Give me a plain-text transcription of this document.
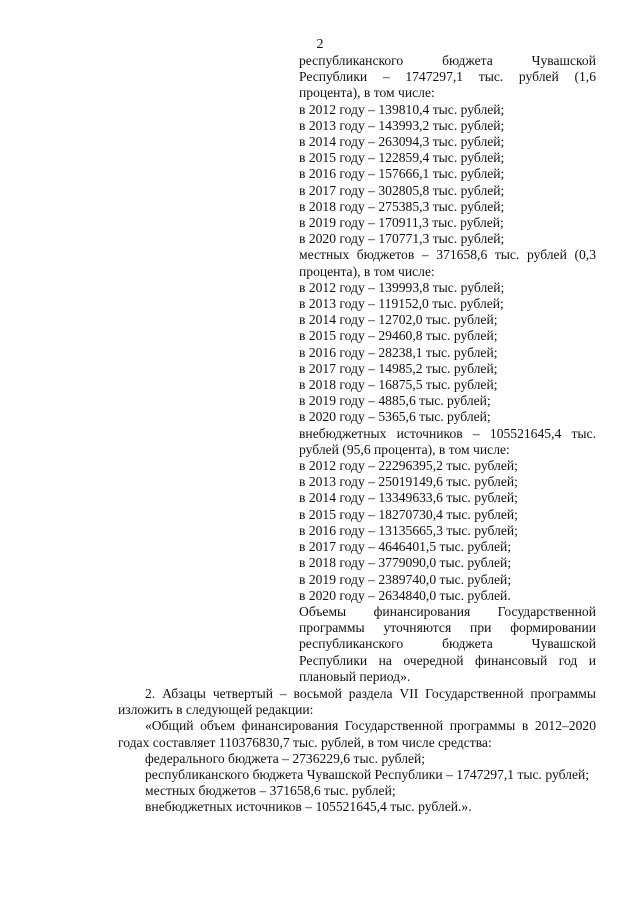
2
республиканского бюджета Чувашской Республики – 1747297,1 тыс. рублей (1,6 процента), в том числе:
в 2012 году – 139810,4 тыс. рублей;
в 2013 году – 143993,2 тыс. рублей;
в 2014 году – 263094,3 тыс. рублей;
в 2015 году – 122859,4 тыс. рублей;
в 2016 году – 157666,1 тыс. рублей;
в 2017 году – 302805,8 тыс. рублей;
в 2018 году – 275385,3 тыс. рублей;
в 2019 году – 170911,3 тыс. рублей;
в 2020 году – 170771,3 тыс. рублей;
местных бюджетов – 371658,6 тыс. рублей (0,3 процента), в том числе:
в 2012 году – 139993,8 тыс. рублей;
в 2013 году – 119152,0 тыс. рублей;
в 2014 году – 12702,0 тыс. рублей;
в 2015 году – 29460,8 тыс. рублей;
в 2016 году – 28238,1 тыс. рублей;
в 2017 году – 14985,2 тыс. рублей;
в 2018 году – 16875,5 тыс. рублей;
в 2019 году – 4885,6 тыс. рублей;
в 2020 году – 5365,6 тыс. рублей;
внебюджетных источников – 105521645,4 тыс. рублей (95,6 процента), в том числе:
в 2012 году – 22296395,2 тыс. рублей;
в 2013 году – 25019149,6 тыс. рублей;
в 2014 году – 13349633,6 тыс. рублей;
в 2015 году – 18270730,4 тыс. рублей;
в 2016 году – 13135665,3 тыс. рублей;
в 2017 году – 4646401,5 тыс. рублей;
в 2018 году – 3779090,0 тыс. рублей;
в 2019 году – 2389740,0 тыс. рублей;
в 2020 году – 2634840,0 тыс. рублей.
Объемы финансирования Государственной программы уточняются при формировании республиканского бюджета Чувашской Республики на очередной финансовый год и плановый период».
2. Абзацы четвертый – восьмой раздела VII Государственной программы изложить в следующей редакции:
«Общий объем финансирования Государственной программы в 2012–2020 годах составляет 110376830,7 тыс. рублей, в том числе средства:
федерального бюджета – 2736229,6 тыс. рублей;
республиканского бюджета Чувашской Республики – 1747297,1 тыс. рублей;
местных бюджетов – 371658,6 тыс. рублей;
внебюджетных источников – 105521645,4 тыс. рублей.».
